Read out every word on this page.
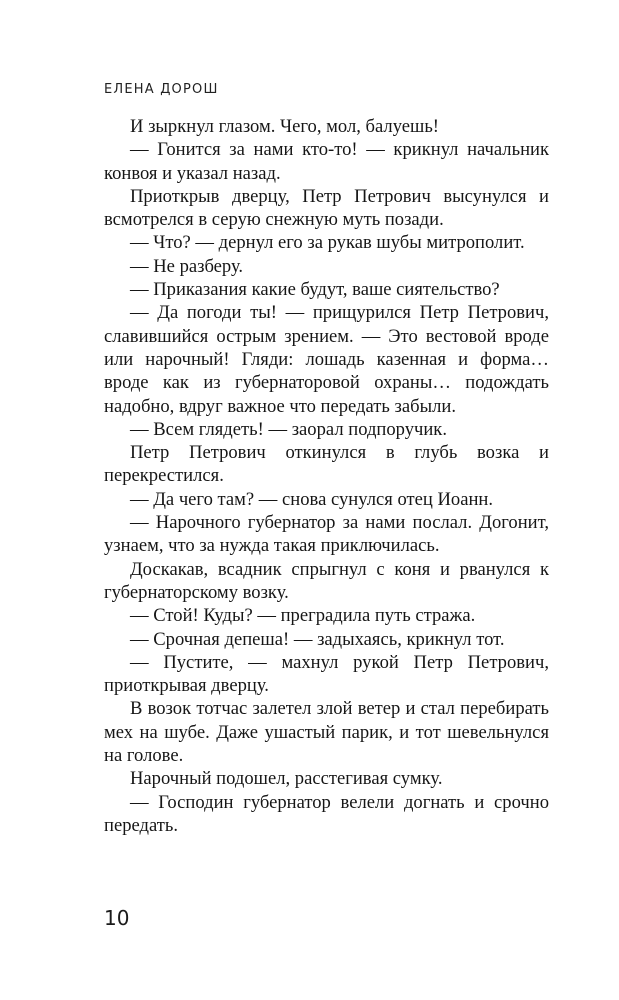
ЕЛЕНА ДОРОШ

И зыркнул глазом. Чего, мол, балуешь!

— Гонится за нами кто-то! — крикнул начальник конвоя и указал назад.

Приоткрыв дверцу, Петр Петрович высунулся и всмотрелся в серую снежную муть позади.

— Что? — дернул его за рукав шубы митрополит.

— Не разберу.

— Приказания какие будут, ваше сиятельство?

— Да погоди ты! — прищурился Петр Петрович, славившийся острым зрением. — Это вестовой вроде или нарочный! Гляди: лошадь казенная и форма… вроде как из губернаторовой охраны… подождать надобно, вдруг важное что передать забыли.

— Всем глядеть! — заорал подпоручик.

Петр Петрович откинулся в глубь возка и перекрестился.

— Да чего там? — снова сунулся отец Иоанн.

— Нарочного губернатор за нами послал. Догонит, узнаем, что за нужда такая приключилась.

Доскакав, всадник спрыгнул с коня и рванулся к губернаторскому возку.

— Стой! Куды? — преградила путь стража.

— Срочная депеша! — задыхаясь, крикнул тот.

— Пустите, — махнул рукой Петр Петрович, приоткрывая дверцу.

В возок тотчас залетел злой ветер и стал перебирать мех на шубе. Даже ушастый парик, и тот шевельнулся на голове.

Нарочный подошел, расстегивая сумку.

— Господин губернатор велели догнать и срочно передать.

10
